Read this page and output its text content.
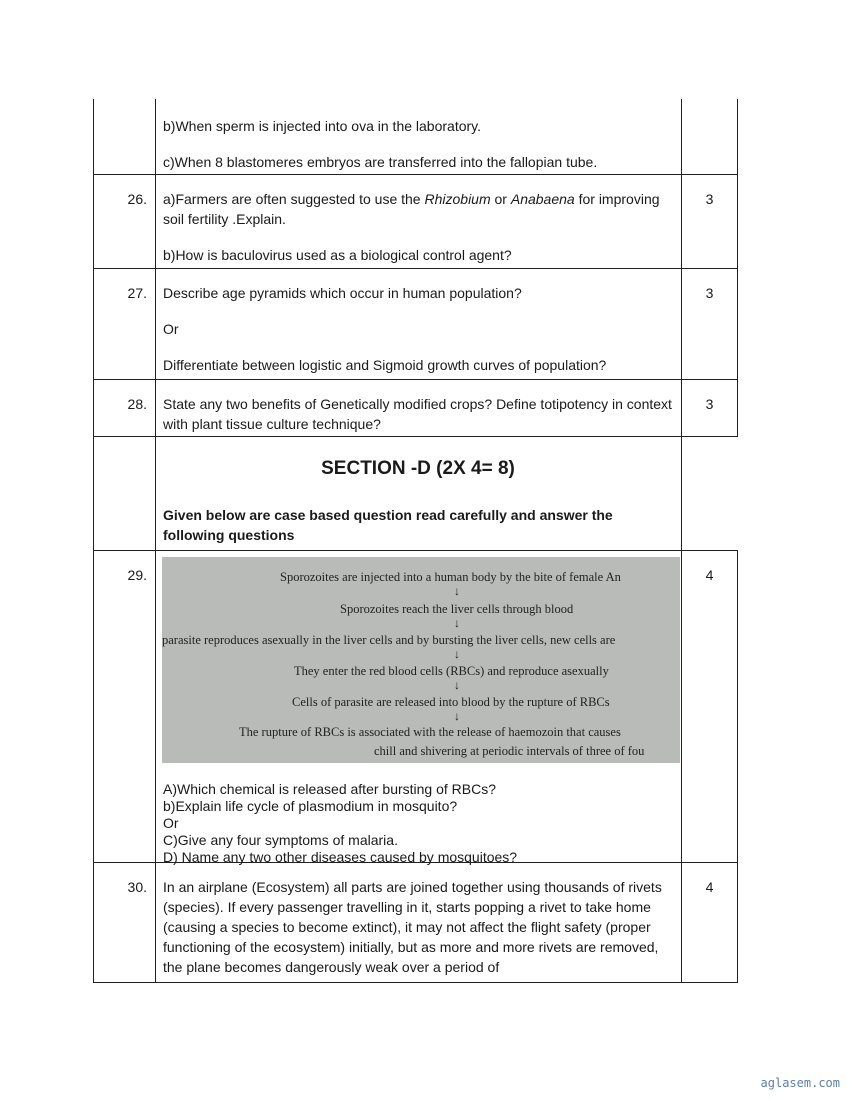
b)When sperm is injected into ova in the laboratory.

c)When 8 blastomeres embryos are transferred into the fallopian tube.

26.	a)Farmers are often suggested to use the Rhizobium or Anabaena for improving soil fertility .Explain.

b)How is baculovirus used as a biological control agent?

3
27.	Describe age pyramids which occur in human population?

Or

Differentiate between logistic and Sigmoid growth curves of population?

3
28.	State any two benefits of Genetically modified crops? Define totipotency in context with plant tissue culture technique?

3
SECTION -D (2X 4= 8)
Given below are case based question read carefully and answer the following questions
29.	Sporozoites are injected into a human body by the bite of female An
↓
Sporozoites reach the liver cells through blood
↓
parasite reproduces asexually in the liver cells and by bursting the liver cells, new cells are
↓
They enter the red blood cells (RBCs) and reproduce asexually
↓
Cells of parasite are released into blood by the rupture of RBCs
↓
The rupture of RBCs is associated with the release of haemozoin that causes
chill and shivering at periodic intervals of three of fou
A)Which chemical is released after bursting of RBCs?
b)Explain life cycle of plasmodium in mosquito?
Or
C)Give any four symptoms of malaria.
D) Name any two other diseases caused by mosquitoes?
4
30.	In an airplane (Ecosystem) all parts are joined together using thousands of rivets (species). If every passenger travelling in it, starts popping a rivet to take home (causing a species to become extinct), it may not affect the flight safety (proper functioning of the ecosystem) initially, but as more and more rivets are removed, the plane becomes dangerously weak over a period of

4
aglasem.com
